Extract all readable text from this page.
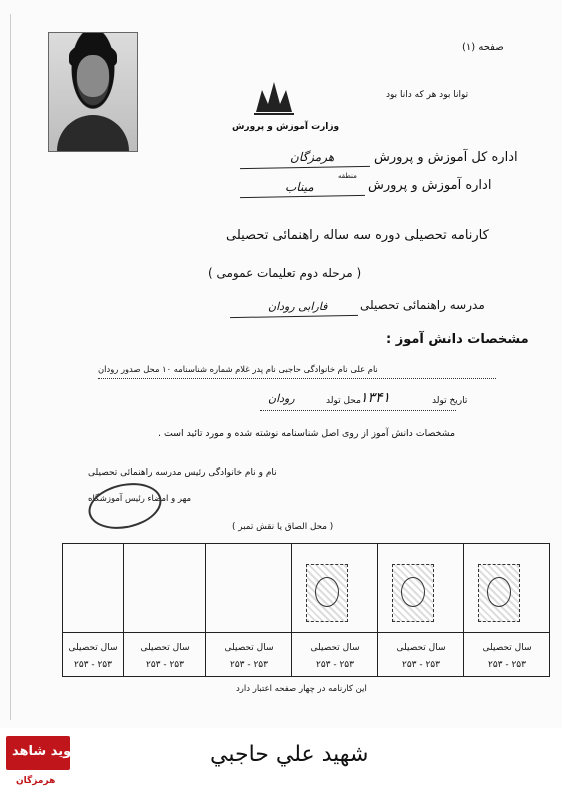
صفحه (۱)
توانا بود هر که دانا بود
وزارت آموزش و پرورش
اداره کل آموزش و پرورش
هرمزگان
اداره آموزش و پرورش
منطقه
میناب
کارنامه تحصیلی دوره سه ساله راهنمائی تحصیلی
( مرحله دوم تعلیمات عمومی )
مدرسه راهنمائی تحصیلی
فارابی رودان
مشخصات دانش آموز :
نام علی نام خانوادگی حاجبی نام پدر غلام شماره شناسنامه ۱۰ محل صدور رودان
تاریخ تولد
۱۳۴۱
محل تولد
رودان
مشخصات دانش آموز از روی اصل شناسنامه نوشته شده و مورد تائید است .
نام و نام خانوادگی رئیس مدرسه راهنمائی تحصیلی
مهر و امضاء رئیس آموزشگاه
( محل الصاق یا نقش تمبر )
سال تحصیلی
۲۵۳ - ۲۵۳
سال تحصیلی
۲۵۳ - ۲۵۳
سال تحصیلی
۲۵۳ - ۲۵۳
سال تحصیلی
۲۵۳ - ۲۵۳
سال تحصیلی
۲۵۳ - ۲۵۳
سال تحصیلی
۲۵۳ - ۲۵۳
این کارنامه در چهار صفحه اعتبار دارد
نوید شاهد
هرمزگان
شهید علي حاجبي
